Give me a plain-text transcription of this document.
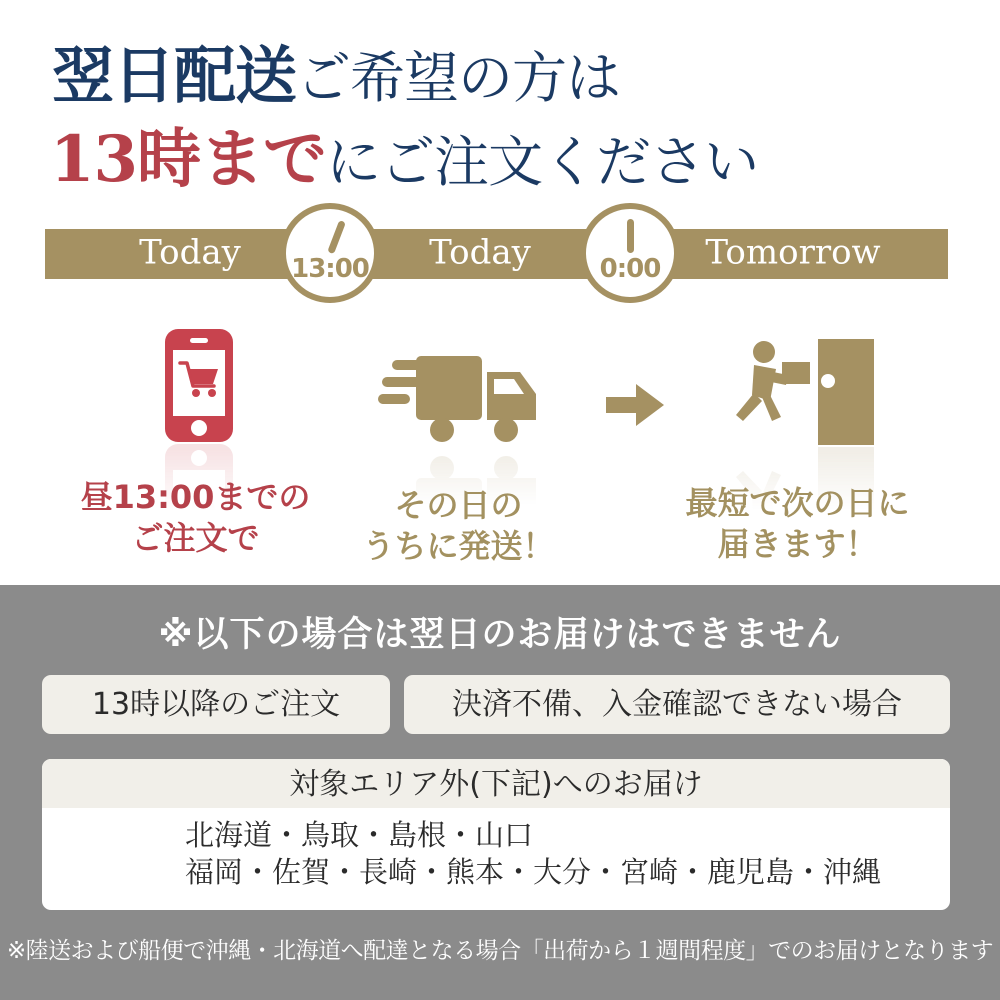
翌日配送ご希望の方は
13時までにご注文ください
Today	Today	Tomorrow
13:00	0:00
昼13:00までの
ご注文で
その日の
うちに発送！
最短で次の日に
届きます！
※以下の場合は翌日のお届けはできません
13時以降のご注文	決済不備、入金確認できない場合
対象エリア外(下記)へのお届け
北海道・鳥取・島根・山口
福岡・佐賀・長崎・熊本・大分・宮崎・鹿児島・沖縄
※陸送および船便で沖縄・北海道へ配達となる場合「出荷から１週間程度」でのお届けとなります
